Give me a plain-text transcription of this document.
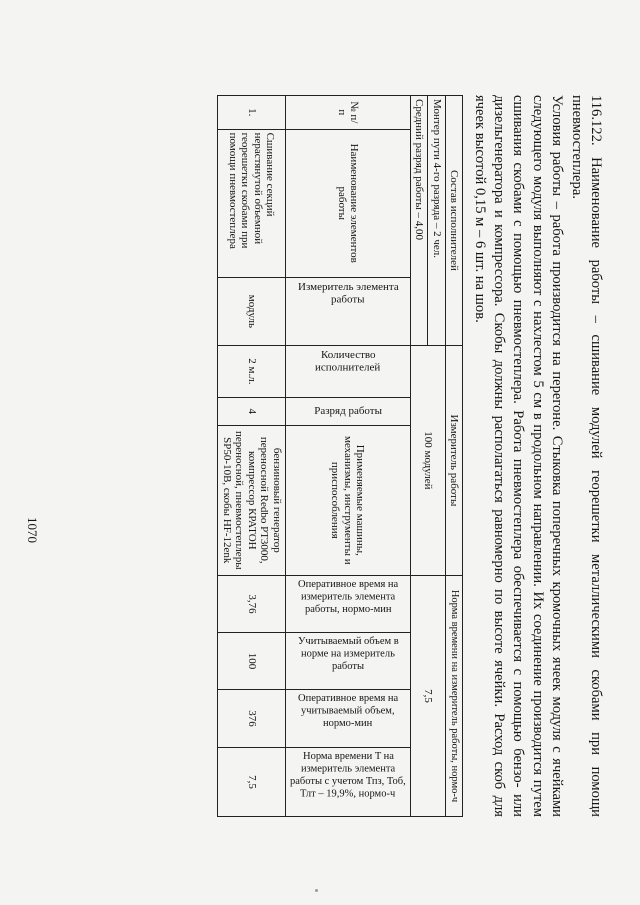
1070	116.122. Наименование работы – сшивание модулей георешетки металлическими скобами при помощи пневмостеплера.

Условия работы – работа производится на перегоне. Стыковка поперечных кромочных ячеек модуля с ячейками следующего модуля выполняют с нахлестом 5 см в продольном направлении. Их соединение производится путем сшивания скобами с помощью пневмостеплера. Работа пневмостеплера обеспечивается с помощью бензо- или дизельгенератора и компрессора. Скобы должны располагаться равномерно по высоте ячейки. Расход скоб для ячеек высотой 0,15 м – 6 шт. на шов.

Состав исполнителей			Измеритель работы			Норма времени на измеритель работы, нормо-ч			
Монтер пути 4-го разряда – 2 чел.			100 модулей			7,5			
Средний разряд работы – 4,00									
№ п/п	Наименование элементов работы	Измеритель элемента работы	Количество исполнителей	Разряд работы	Применяемые машины, механизмы, инструменты и приспособления	Оперативное время на измеритель элемента работы, нормо-мин	Учитываемый объем в норме на измеритель работы	Оперативное время на учитываемый объем, нормо-мин	Норма времени T на измеритель элемента работы с учетом Тпз, Тоб, Тлт – 19,9%, нормо-ч

1.	Сшивание секций нерастянутой объемной георешетки скобами при помощи пневмостеплера	модуль	2 м.л.	4	бензиновый генератор переносной Redbo PT3000, компрессор КРАТОН переносной, пневмостеплеры SP50-10B, скобы HF-12enk	3,76	100	376	7,5
